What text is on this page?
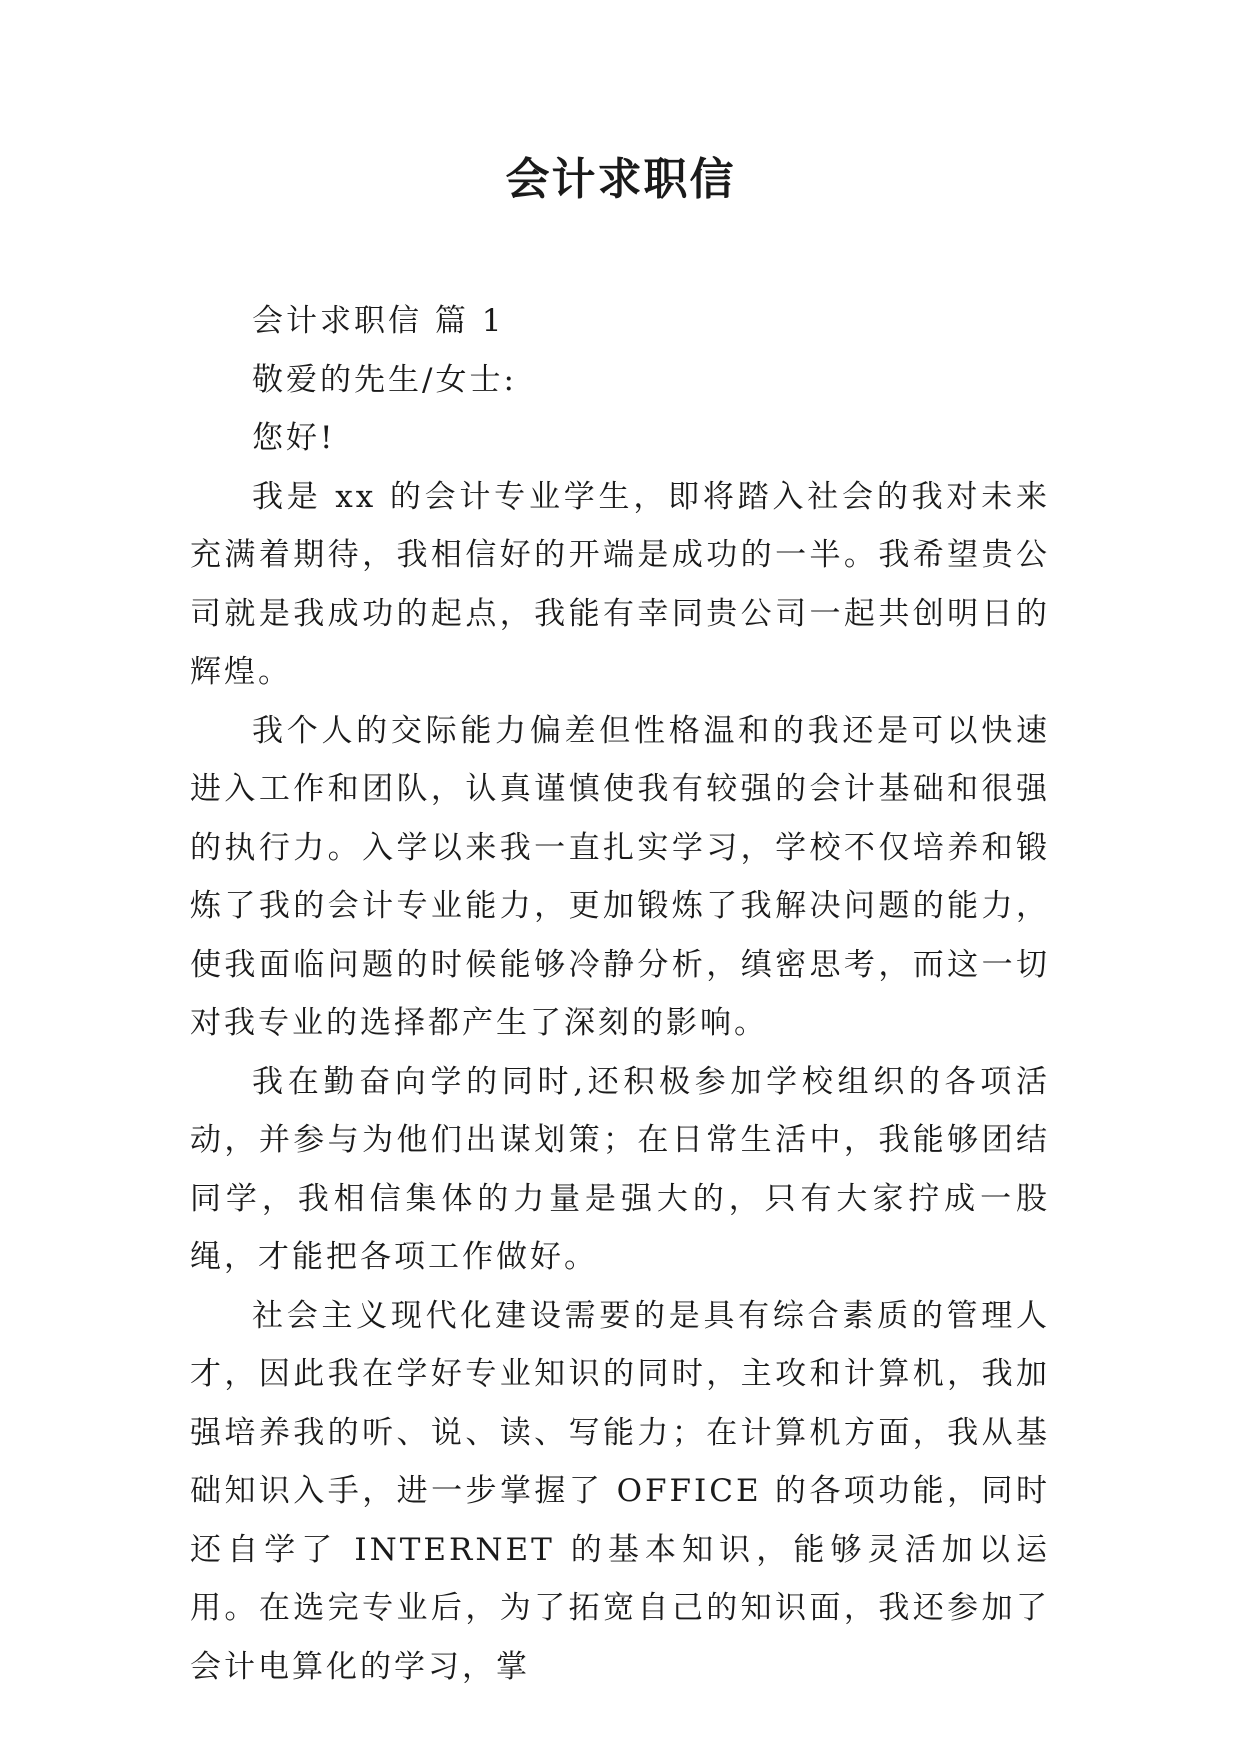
会计求职信

会计求职信 篇 1

敬爱的先生/女士:

您好!

我是 xx 的会计专业学生，即将踏入社会的我对未来充满着期待，我相信好的开端是成功的一半。我希望贵公司就是我成功的起点，我能有幸同贵公司一起共创明日的辉煌。

我个人的交际能力偏差但性格温和的我还是可以快速进入工作和团队，认真谨慎使我有较强的会计基础和很强的执行力。入学以来我一直扎实学习，学校不仅培养和锻炼了我的会计专业能力，更加锻炼了我解决问题的能力，使我面临问题的时候能够冷静分析，缜密思考，而这一切对我专业的选择都产生了深刻的影响。

我在勤奋向学的同时,还积极参加学校组织的各项活动，并参与为他们出谋划策；在日常生活中，我能够团结同学，我相信集体的力量是强大的，只有大家拧成一股绳，才能把各项工作做好。

社会主义现代化建设需要的是具有综合素质的管理人才，因此我在学好专业知识的同时，主攻和计算机，我加强培养我的听、说、读、写能力；在计算机方面，我从基础知识入手，进一步掌握了 OFFICE 的各项功能，同时还自学了 INTERNET 的基本知识，能够灵活加以运用。在选完专业后，为了拓宽自己的知识面，我还参加了会计电算化的学习，掌
